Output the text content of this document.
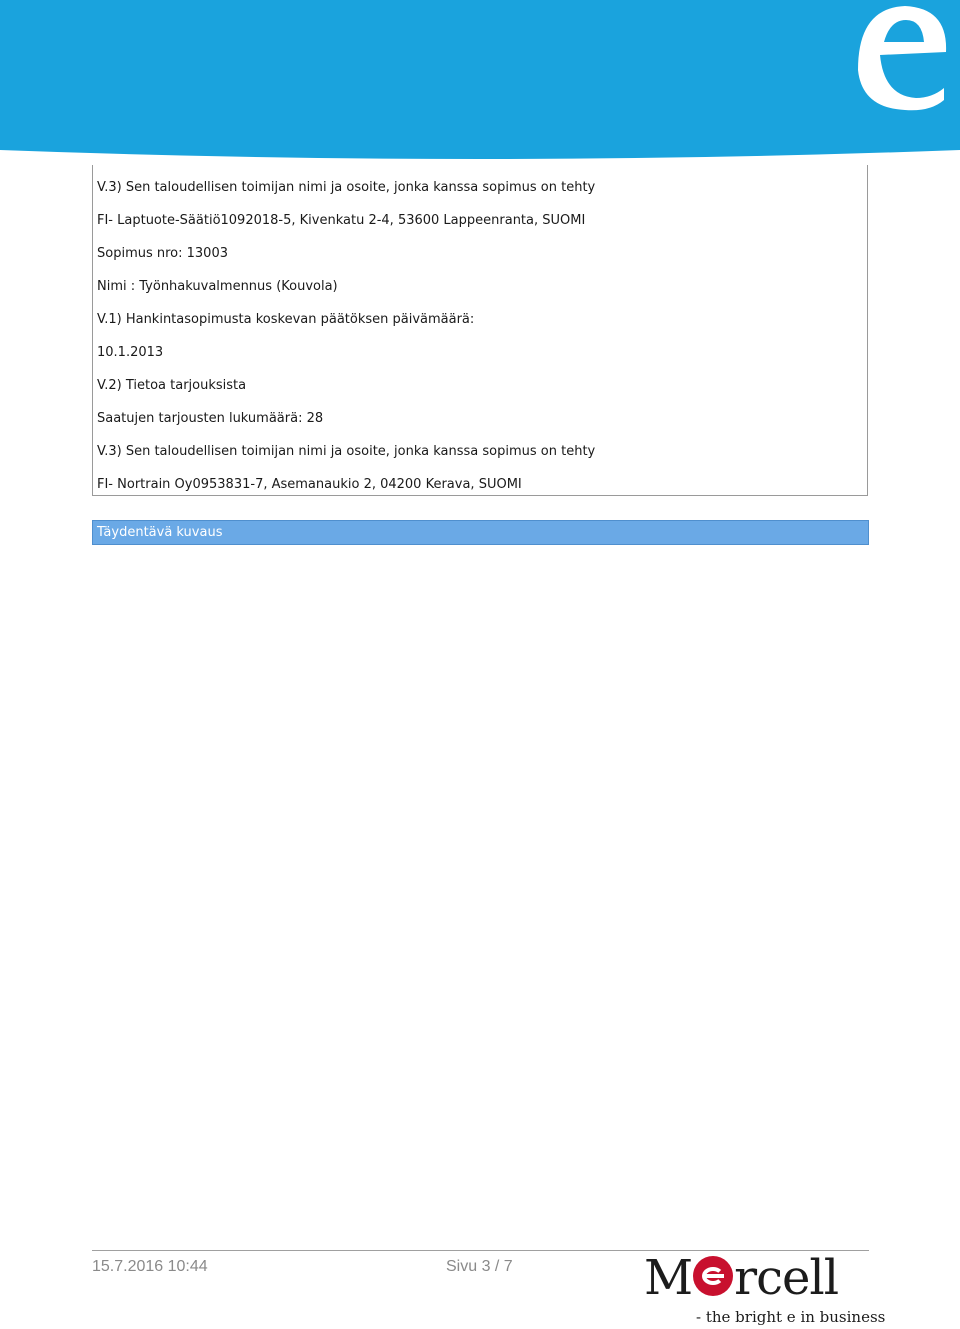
V.3) Sen taloudellisen toimijan nimi ja osoite, jonka kanssa sopimus on tehty
FI- Laptuote-Säätiö1092018-5, Kivenkatu 2-4, 53600 Lappeenranta, SUOMI
Sopimus nro: 13003
Nimi : Työnhakuvalmennus (Kouvola)
V.1) Hankintasopimusta koskevan päätöksen päivämäärä:
10.1.2013
V.2) Tietoa tarjouksista
Saatujen tarjousten lukumäärä: 28
V.3) Sen taloudellisen toimijan nimi ja osoite, jonka kanssa sopimus on tehty
FI- Nortrain Oy0953831-7, Asemanaukio 2, 04200 Kerava, SUOMI
Täydentävä kuvaus
15.7.2016 10:44	Sivu 3 / 7	M rcell
- the bright e in business
